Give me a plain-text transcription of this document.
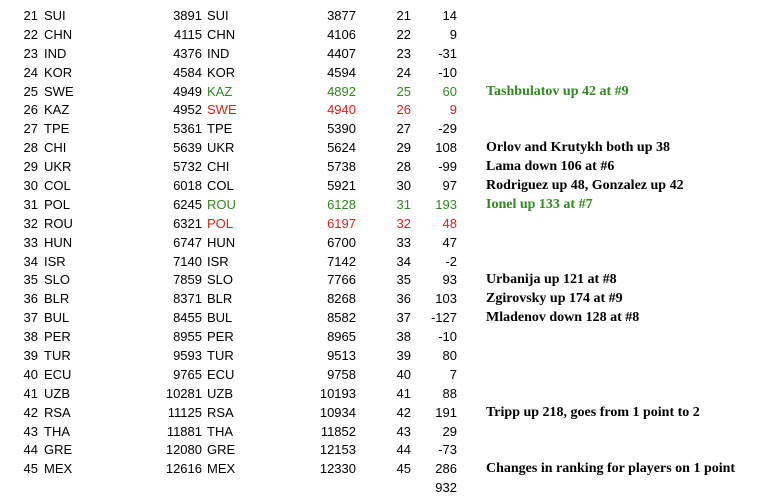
21 SUI	3891 SUI	3877	21	14
22 CHN	4115 CHN	4106	22	9
23 IND	4376 IND	4407	23	-31
24 KOR	4584 KOR	4594	24	-10
25 SWE	4949 KAZ	4892	25	60 Tashbulatov up 42 at #9
26 KAZ	4952 SWE	4940	26	9
27 TPE	5361 TPE	5390	27	-29
28 CHI	5639 UKR	5624	29	108 Orlov and Krutykh both up 38
29 UKR	5732 CHI	5738	28	-99 Lama down 106 at #6
30 COL	6018 COL	5921	30	97 Rodriguez up 48, Gonzalez up 42
31 POL	6245 ROU	6128	31	193 Ionel up 133 at #7
32 ROU	6321 POL	6197	32	48
33 HUN	6747 HUN	6700	33	47
34 ISR	7140 ISR	7142	34	-2
35 SLO	7859 SLO	7766	35	93 Urbanija up 121 at #8
36 BLR	8371 BLR	8268	36	103 Zgirovsky up 174 at #9
37 BUL	8455 BUL	8582	37	-127 Mladenov down 128 at #8
38 PER	8955 PER	8965	38	-10
39 TUR	9593 TUR	9513	39	80
40 ECU	9765 ECU	9758	40	7
41 UZB	10281 UZB	10193	41	88
42 RSA	11125 RSA	10934	42	191 Tripp up 218, goes from 1 point to 2
43 THA	11881 THA	11852	43	29
44 GRE	12080 GRE	12153	44	-73
45 MEX	12616 MEX	12330	45	286 Changes in ranking for players on 1 point
932
